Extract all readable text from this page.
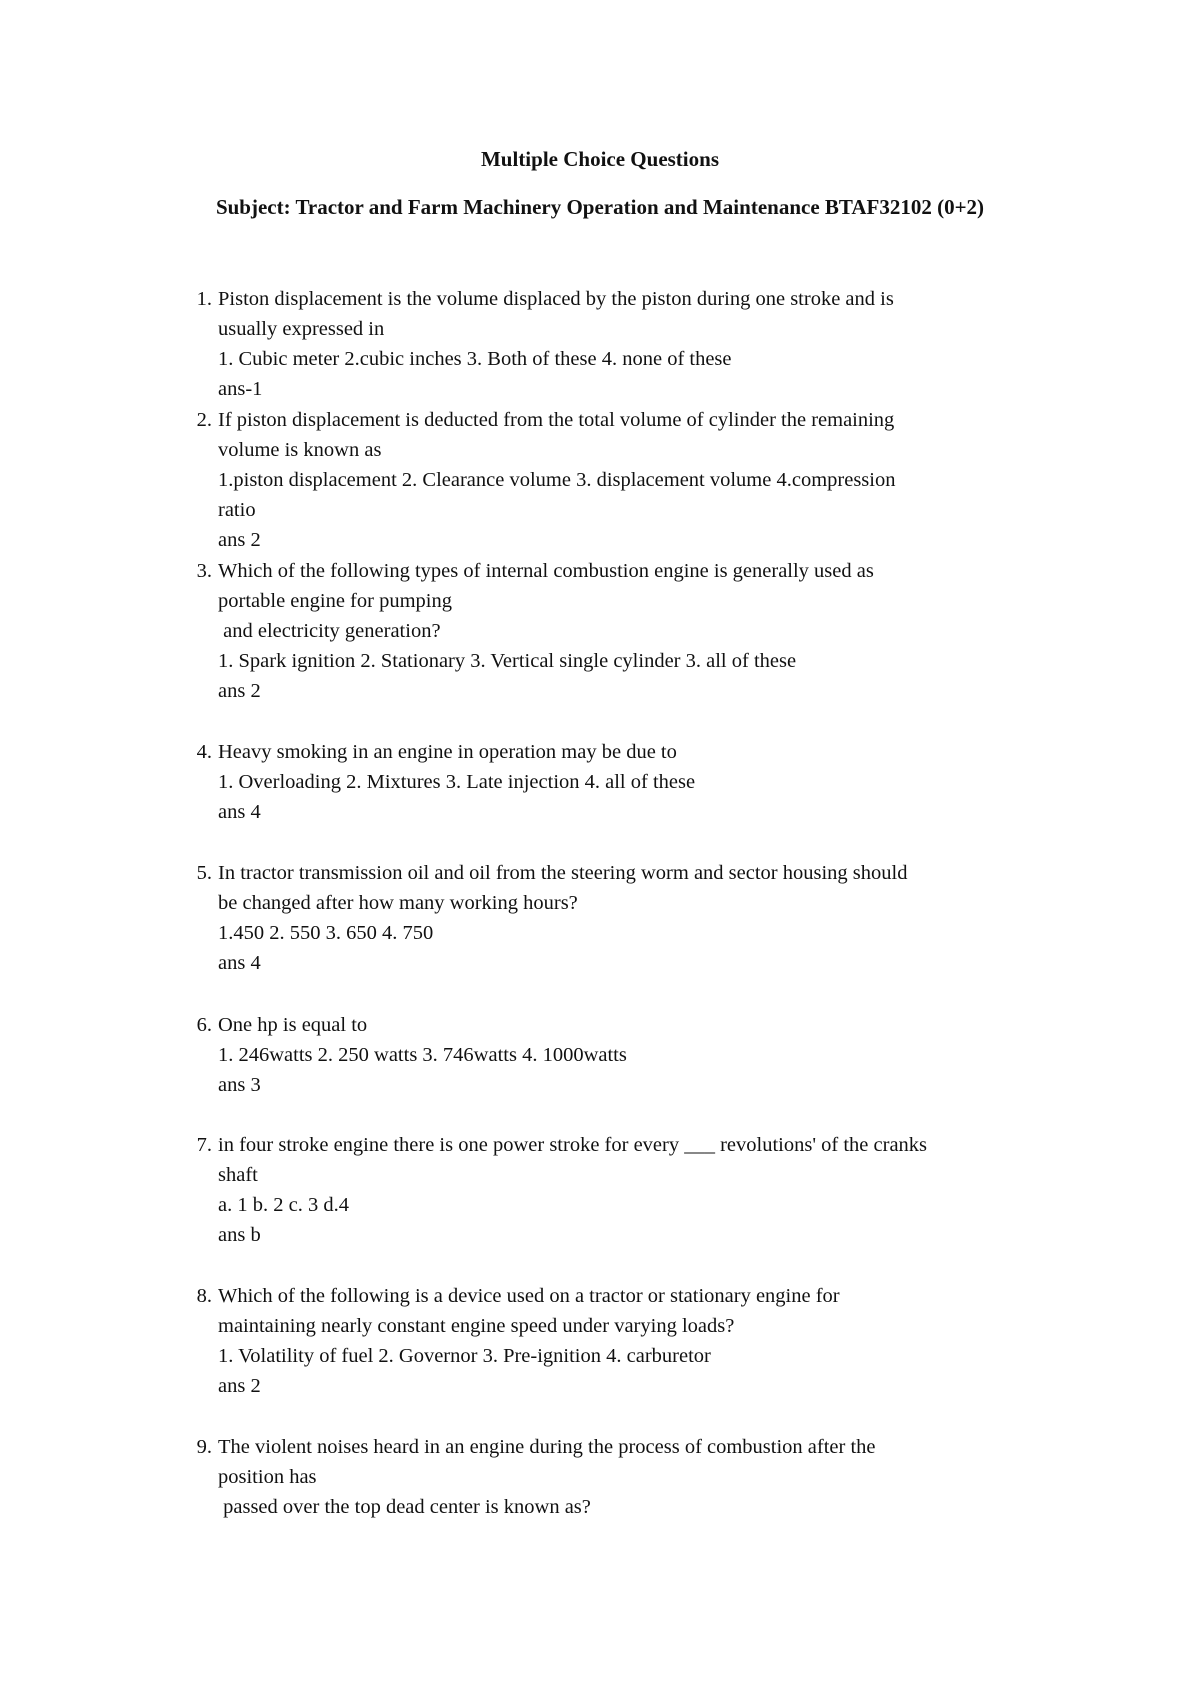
Multiple Choice Questions
Subject: Tractor and Farm Machinery Operation and Maintenance BTAF32102 (0+2)
1. Piston displacement is the volume displaced by the piston during one stroke and is
usually expressed in
1. Cubic meter 2.cubic inches 3. Both of these 4. none of these
ans-1
2. If piston displacement is deducted from the total volume of cylinder the remaining
volume is known as
1.piston displacement 2. Clearance volume 3. displacement volume 4.compression
ratio
ans 2
3. Which of the following types of internal combustion engine is generally used as
portable engine for pumping
and electricity generation?
1. Spark ignition 2. Stationary 3. Vertical single cylinder 3. all of these
ans 2
4. Heavy smoking in an engine in operation may be due to
1. Overloading 2. Mixtures 3. Late injection 4. all of these
ans 4
5. In tractor transmission oil and oil from the steering worm and sector housing should
be changed after how many working hours?
1.450 2. 550 3. 650 4. 750
ans 4
6. One hp is equal to
1. 246watts 2. 250 watts 3. 746watts 4. 1000watts
ans 3
7. in four stroke engine there is one power stroke for every ___ revolutions' of the cranks
shaft
a. 1 b. 2 c. 3 d.4
ans b
8. Which of the following is a device used on a tractor or stationary engine for
maintaining nearly constant engine speed under varying loads?
1. Volatility of fuel 2. Governor 3. Pre-ignition 4. carburetor
ans 2
9. The violent noises heard in an engine during the process of combustion after the
position has
passed over the top dead center is known as?
